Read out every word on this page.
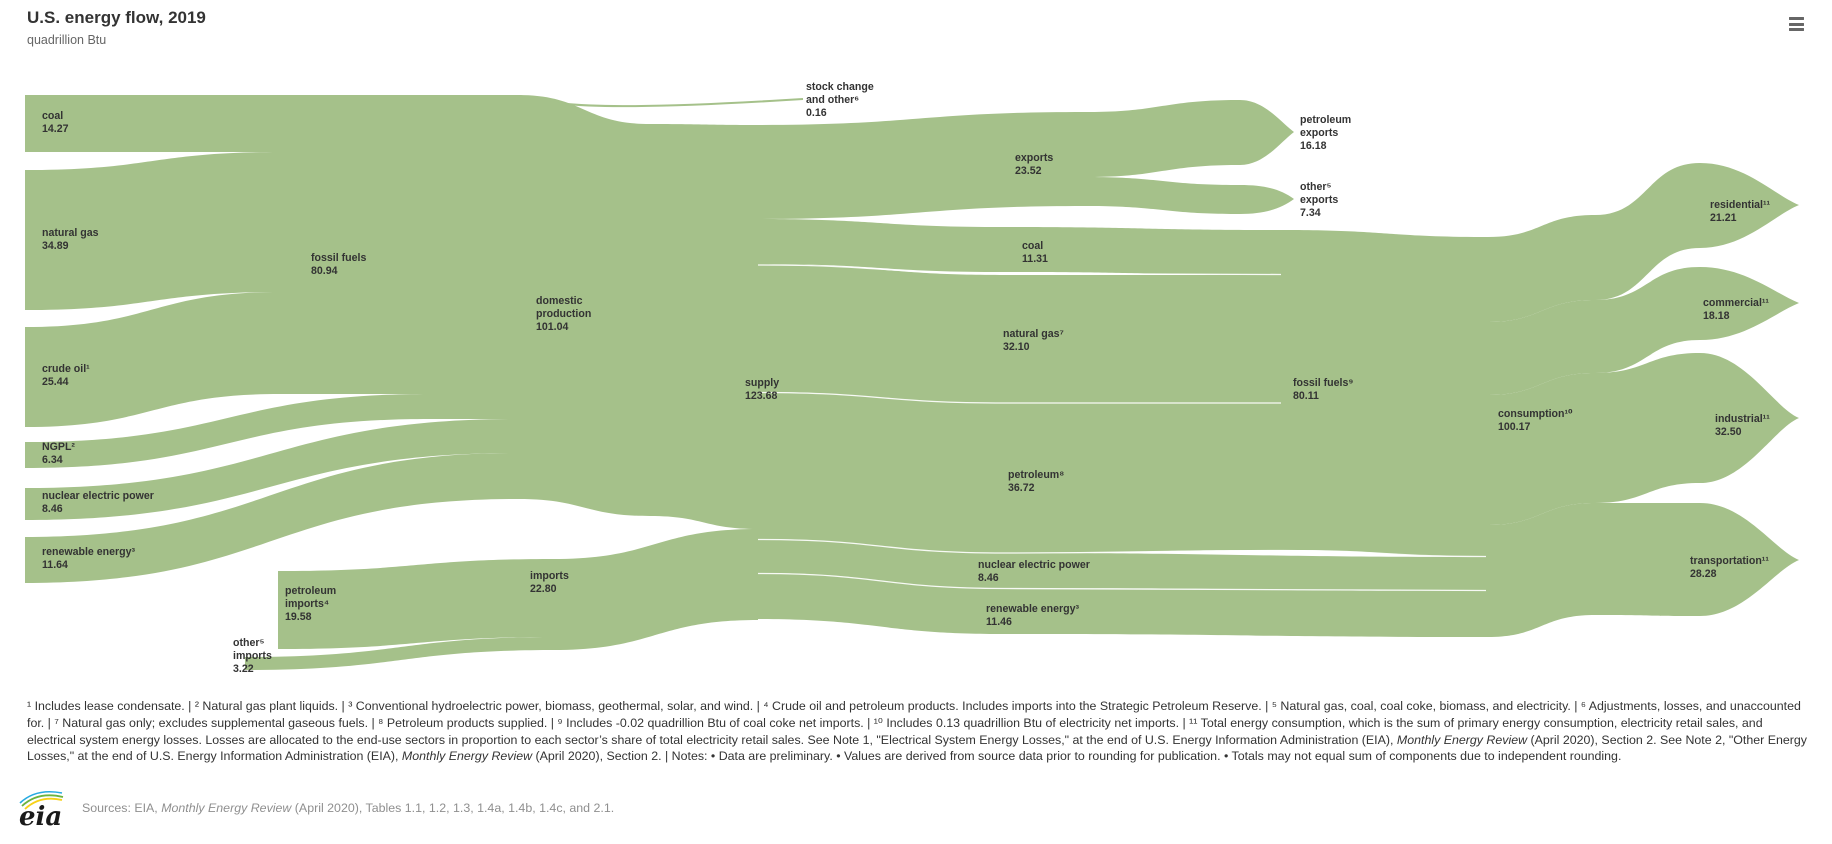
U.S. energy flow, 2019
quadrillion Btu
coal
14.27
natural gas
34.89
crude oil¹
25.44
NGPL²
6.34
nuclear electric power
8.46
renewable energy³
11.64
fossil fuels
80.94
petroleum
imports⁴
19.58
other⁵
imports
3.22
domestic
production
101.04
imports
22.80
supply
123.68
stock change
and other⁶
0.16
exports
23.52
coal
11.31
natural gas⁷
32.10
petroleum⁸
36.72
nuclear electric power
8.46
renewable energy³
11.46
petroleum
exports
16.18
other⁵
exports
7.34
fossil fuels⁹
80.11
consumption¹⁰
100.17
residential¹¹
21.21
commercial¹¹
18.18
industrial¹¹
32.50
transportation¹¹
28.28

¹ Includes lease condensate. | ² Natural gas plant liquids. | ³ Conventional hydroelectric power, biomass, geothermal, solar, and wind. | ⁴ Crude oil and petroleum products. Includes imports into the Strategic Petroleum Reserve. | ⁵ Natural gas, coal, coal coke, biomass, and electricity. | ⁶ Adjustments, losses, and unaccounted for. | ⁷ Natural gas only; excludes supplemental gaseous fuels. | ⁸ Petroleum products supplied. | ⁹ Includes -0.02 quadrillion Btu of coal coke net imports. | ¹⁰ Includes 0.13 quadrillion Btu of electricity net imports. | ¹¹ Total energy consumption, which is the sum of primary energy consumption, electricity retail sales, and electrical system energy losses. Losses are allocated to the end-use sectors in proportion to each sector’s share of total electricity retail sales. See Note 1, "Electrical System Energy Losses," at the end of U.S. Energy Information Administration (EIA), Monthly Energy Review (April 2020), Section 2. See Note 2, "Other Energy Losses," at the end of U.S. Energy Information Administration (EIA), Monthly Energy Review (April 2020), Section 2. | Notes: • Data are preliminary. • Values are derived from source data prior to rounding for publication. • Totals may not equal sum of components due to independent rounding.

eia Sources: EIA, Monthly Energy Review (April 2020), Tables 1.1, 1.2, 1.3, 1.4a, 1.4b, 1.4c, and 2.1.
